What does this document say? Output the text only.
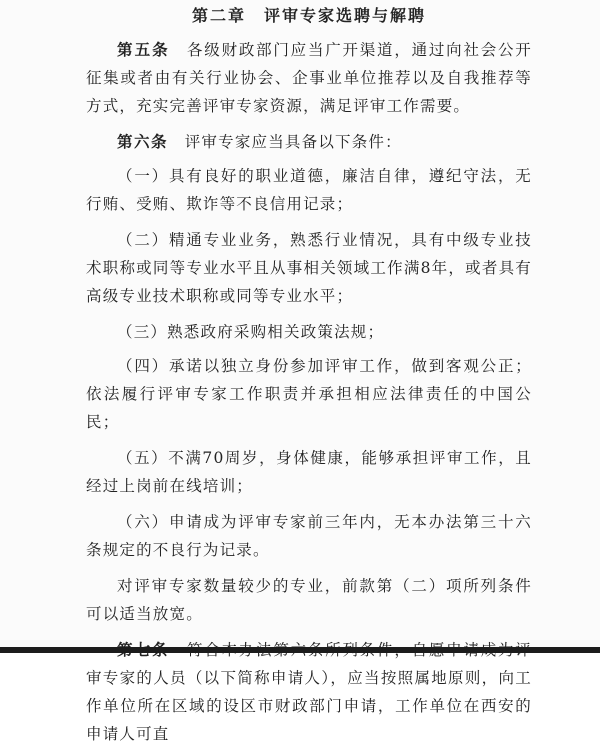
第二章　评审专家选聘与解聘

第五条　 各级财政部门应当广开渠道，通过向社会公开征集或者由有关行业协会、企事业单位推荐以及自我推荐等方式，充实完善评审专家资源，满足评审工作需要。

第六条　 评审专家应当具备以下条件：

（一）具有良好的职业道德，廉洁自律，遵纪守法，无行贿、受贿、欺诈等不良信用记录；

（二）精通专业业务，熟悉行业情况，具有中级专业技术职称或同等专业水平且从事相关领域工作满8年，或者具有高级专业技术职称或同等专业水平；

（三）熟悉政府采购相关政策法规；

（四）承诺以独立身份参加评审工作，做到客观公正；依法履行评审专家工作职责并承担相应法律责任的中国公民；

（五）不满70周岁，身体健康，能够承担评审工作，且经过上岗前在线培训；

（六）申请成为评审专家前三年内，无本办法第三十六条规定的不良行为记录。

对评审专家数量较少的专业，前款第（二）项所列条件可以适当放宽。

　 审专家的人员（以下简称申请人），应当按照属地原则，向工作单位所在区域的设区市财政部门申请，工作单位在西安的申请人可直
